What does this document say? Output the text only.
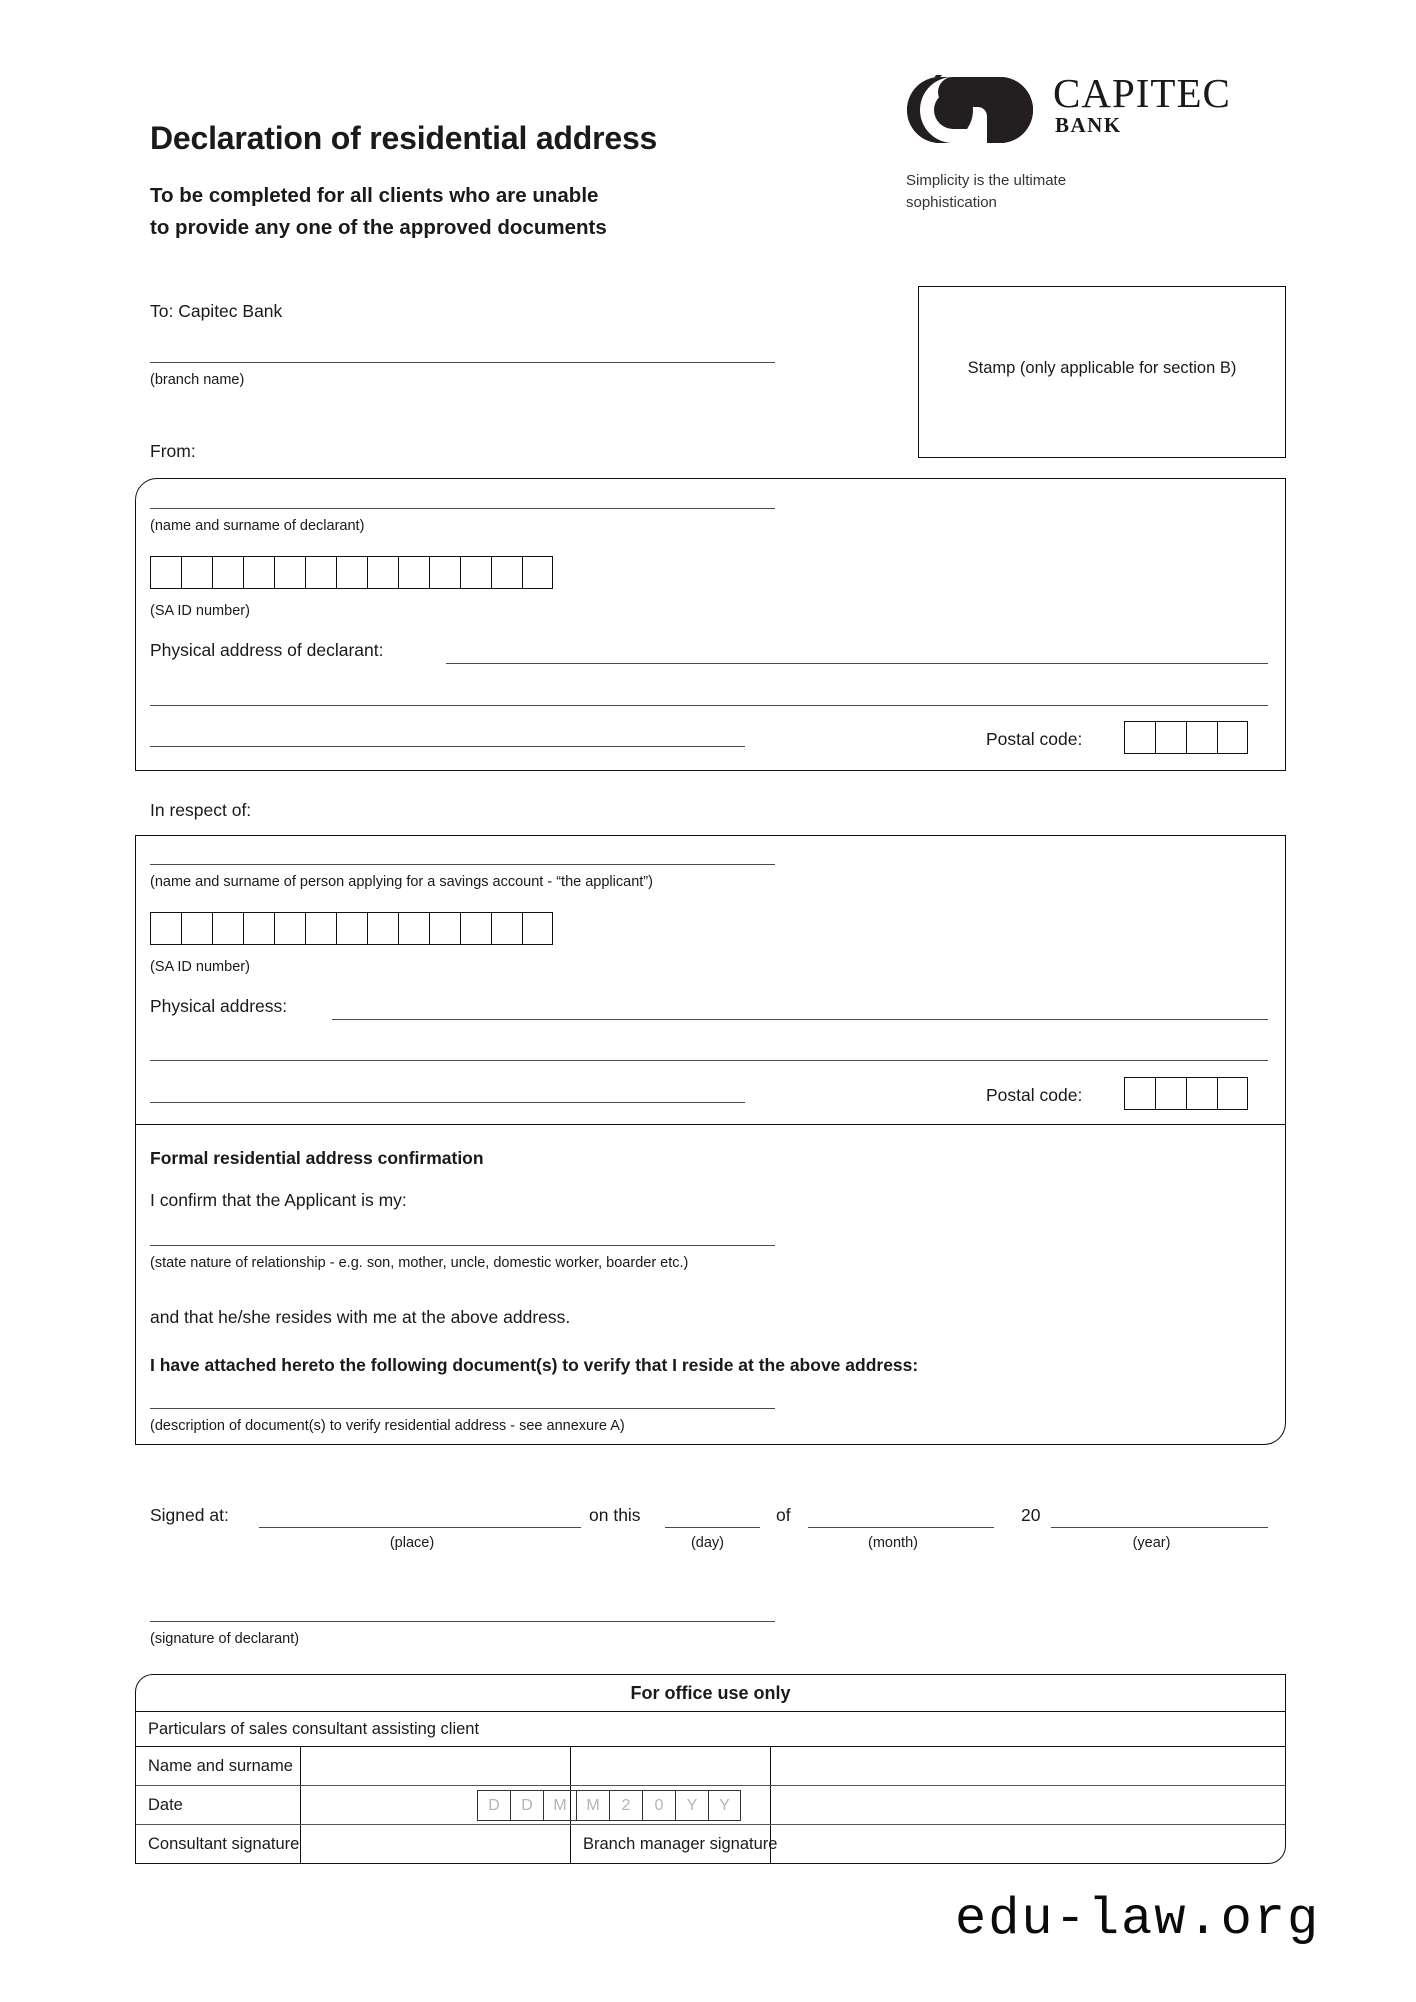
Declaration of residential address
To be completed for all clients who are unable
to provide any one of the approved documents
CAPITEC
BANK
Simplicity is the ultimate
sophistication
To: Capitec Bank
(branch name)
From:
Stamp (only applicable for section B)
(name and surname of declarant)
(SA ID number)
Physical address of declarant:
Postal code:
In respect of:
(name and surname of person applying for a savings account - “the applicant”)
(SA ID number)
Physical address:
Postal code:
Formal residential address confirmation
I confirm that the Applicant is my:
(state nature of relationship - e.g. son, mother, uncle, domestic worker, boarder etc.)
and that he/she resides with me at the above address.
I have attached hereto the following document(s) to verify that I reside at the above address:
(description of document(s) to verify residential address - see annexure A)
Signed at:
(place)
on this
(day)
of
(month)
20
(year)
(signature of declarant)
For office use only
Particulars of sales consultant assisting client
Name and surname
Date	D	D	M	M	2	0	Y	Y
Consultant signature	Branch manager signature
edu-law.org
